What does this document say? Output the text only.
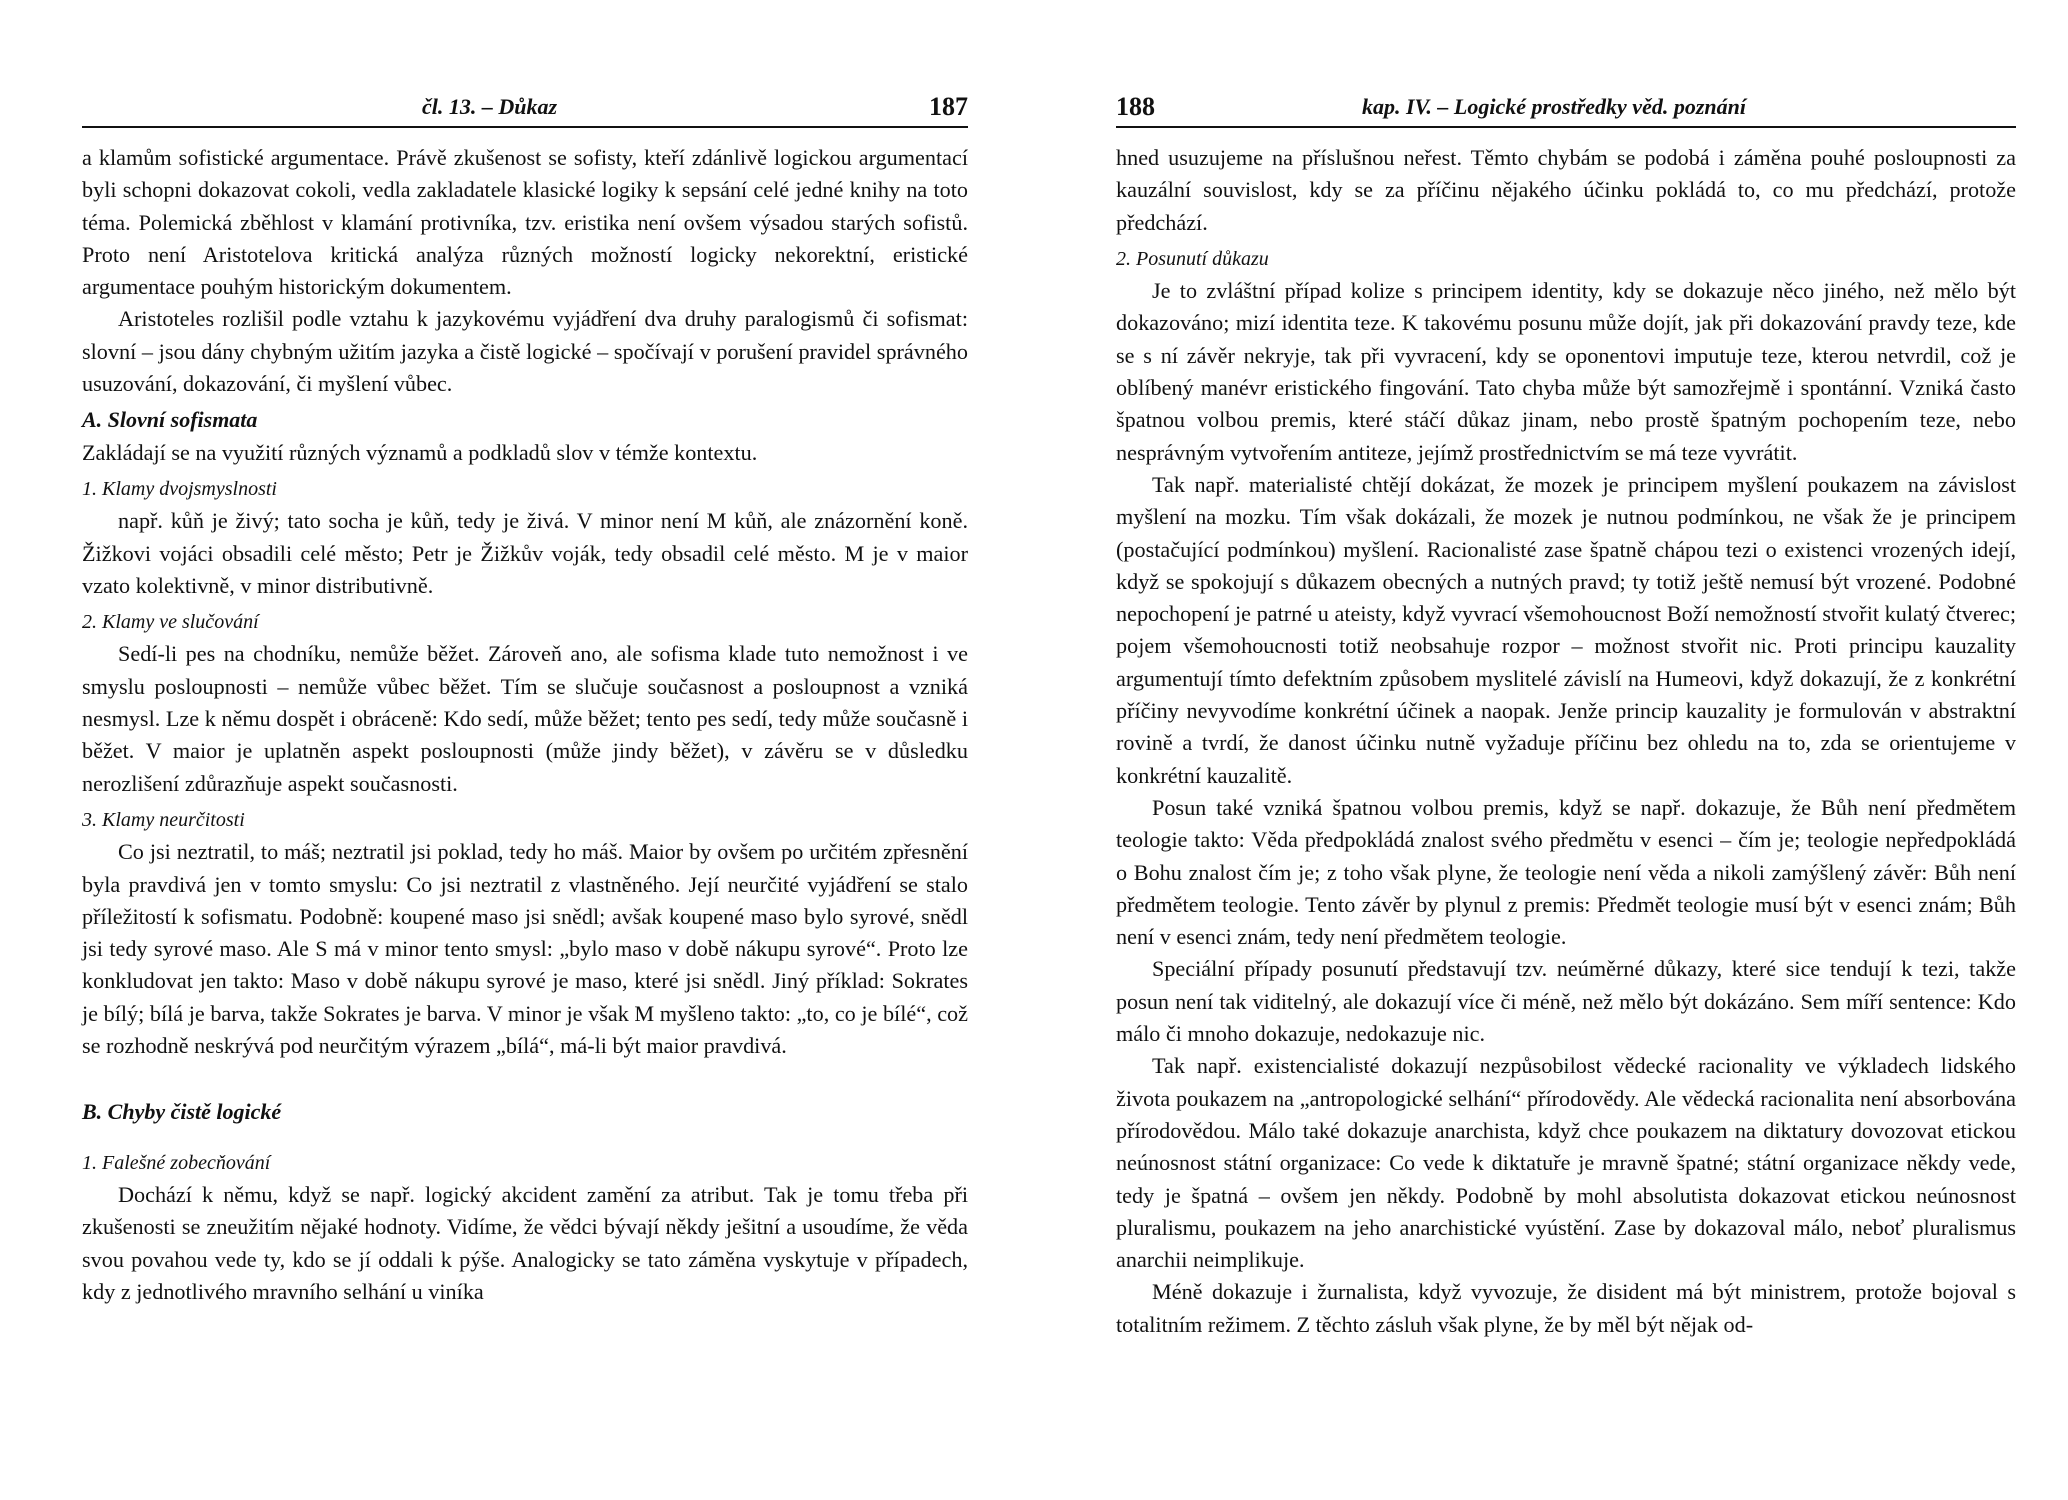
čl. 13. – Důkaz	187

a klamům sofistické argumentace. Právě zkušenost se sofisty, kteří zdánlivě logickou argumentací byli schopni dokazovat cokoli, vedla zakladatele klasické logiky k sepsání celé jedné knihy na toto téma. Polemická zběhlost v klamání protivníka, tzv. eristika není ovšem výsadou starých sofistů. Proto není Aristotelova kritická analýza různých možností logicky nekorektní, eristické argumentace pouhým historickým dokumentem.

Aristoteles rozlišil podle vztahu k jazykovému vyjádření dva druhy paralogismů či sofismat: slovní – jsou dány chybným užitím jazyka a čistě logické – spočívají v porušení pravidel správného usuzování, dokazování, či myšlení vůbec.

A. Slovní sofismata

Zakládají se na využití různých významů a podkladů slov v témže kontextu.

1. Klamy dvojsmyslnosti

např. kůň je živý; tato socha je kůň, tedy je živá. V minor není M kůň, ale znázornění koně. Žižkovi vojáci obsadili celé město; Petr je Žižkův voják, tedy obsadil celé město. M je v maior vzato kolektivně, v minor distributivně.

2. Klamy ve slučování

Sedí-li pes na chodníku, nemůže běžet. Zároveň ano, ale sofisma klade tuto nemožnost i ve smyslu posloupnosti – nemůže vůbec běžet. Tím se slučuje současnost a posloupnost a vzniká nesmysl. Lze k němu dospět i obráceně: Kdo sedí, může běžet; tento pes sedí, tedy může současně i běžet. V maior je uplatněn aspekt posloupnosti (může jindy běžet), v závěru se v důsledku nerozlišení zdůrazňuje aspekt současnosti.

3. Klamy neurčitosti

Co jsi neztratil, to máš; neztratil jsi poklad, tedy ho máš. Maior by ovšem po určitém zpřesnění byla pravdivá jen v tomto smyslu: Co jsi neztratil z vlastněného. Její neurčité vyjádření se stalo příležitostí k sofismatu. Podobně: koupené maso jsi snědl; avšak koupené maso bylo syrové, snědl jsi tedy syrové maso. Ale S má v minor tento smysl: „bylo maso v době nákupu syrové“. Proto lze konkludovat jen takto: Maso v době nákupu syrové je maso, které jsi snědl. Jiný příklad: Sokrates je bílý; bílá je barva, takže Sokrates je barva. V minor je však M myšleno takto: „to, co je bílé“, což se rozhodně neskrývá pod neurčitým výrazem „bílá“, má-li být maior pravdivá.

B. Chyby čistě logické

1. Falešné zobecňování

Dochází k němu, když se např. logický akcident zamění za atribut. Tak je tomu třeba při zkušenosti se zneužitím nějaké hodnoty. Vidíme, že vědci bývají někdy ješitní a usoudíme, že věda svou povahou vede ty, kdo se jí oddali k pýše. Analogicky se tato záměna vyskytuje v případech, kdy z jednotlivého mravního selhání u viníka

188	kap. IV. – Logické prostředky věd. poznání

hned usuzujeme na příslušnou neřest. Těmto chybám se podobá i záměna pouhé posloupnosti za kauzální souvislost, kdy se za příčinu nějakého účinku pokládá to, co mu předchází, protože předchází.

2. Posunutí důkazu

Je to zvláštní případ kolize s principem identity, kdy se dokazuje něco jiného, než mělo být dokazováno; mizí identita teze. K takovému posunu může dojít, jak při dokazování pravdy teze, kde se s ní závěr nekryje, tak při vyvracení, kdy se oponentovi imputuje teze, kterou netvrdil, což je oblíbený manévr eristického fingování. Tato chyba může být samozřejmě i spontánní. Vzniká často špatnou volbou premis, které stáčí důkaz jinam, nebo prostě špatným pochopením teze, nebo nesprávným vytvořením antiteze, jejímž prostřednictvím se má teze vyvrátit.

Tak např. materialisté chtějí dokázat, že mozek je principem myšlení poukazem na závislost myšlení na mozku. Tím však dokázali, že mozek je nutnou podmínkou, ne však že je principem (postačující podmínkou) myšlení. Racionalisté zase špatně chápou tezi o existenci vrozených idejí, když se spokojují s důkazem obecných a nutných pravd; ty totiž ještě nemusí být vrozené. Podobné nepochopení je patrné u ateisty, když vyvrací všemohoucnost Boží nemožností stvořit kulatý čtverec; pojem všemohoucnosti totiž neobsahuje rozpor – možnost stvořit nic. Proti principu kauzality argumentují tímto defektním způsobem myslitelé závislí na Humeovi, když dokazují, že z konkrétní příčiny nevyvodíme konkrétní účinek a naopak. Jenže princip kauzality je formulován v abstraktní rovině a tvrdí, že danost účinku nutně vyžaduje příčinu bez ohledu na to, zda se orientujeme v konkrétní kauzalitě.

Posun také vzniká špatnou volbou premis, když se např. dokazuje, že Bůh není předmětem teologie takto: Věda předpokládá znalost svého předmětu v esenci – čím je; teologie nepředpokládá o Bohu znalost čím je; z toho však plyne, že teologie není věda a nikoli zamýšlený závěr: Bůh není předmětem teologie. Tento závěr by plynul z premis: Předmět teologie musí být v esenci znám; Bůh není v esenci znám, tedy není předmětem teologie.

Speciální případy posunutí představují tzv. neúměrné důkazy, které sice tendují k tezi, takže posun není tak viditelný, ale dokazují více či méně, než mělo být dokázáno. Sem míří sentence: Kdo málo či mnoho dokazuje, nedokazuje nic.

Tak např. existencialisté dokazují nezpůsobilost vědecké racionality ve výkladech lidského života poukazem na „antropologické selhání“ přírodovědy. Ale vědecká racionalita není absorbována přírodovědou. Málo také dokazuje anarchista, když chce poukazem na diktatury dovozovat etickou neúnosnost státní organizace: Co vede k diktatuře je mravně špatné; státní organizace někdy vede, tedy je špatná – ovšem jen někdy. Podobně by mohl absolutista dokazovat etickou neúnosnost pluralismu, poukazem na jeho anarchistické vyústění. Zase by dokazoval málo, neboť pluralismus anarchii neimplikuje.

Méně dokazuje i žurnalista, když vyvozuje, že disident má být ministrem, protože bojoval s totalitním režimem. Z těchto zásluh však plyne, že by měl být nějak od-
